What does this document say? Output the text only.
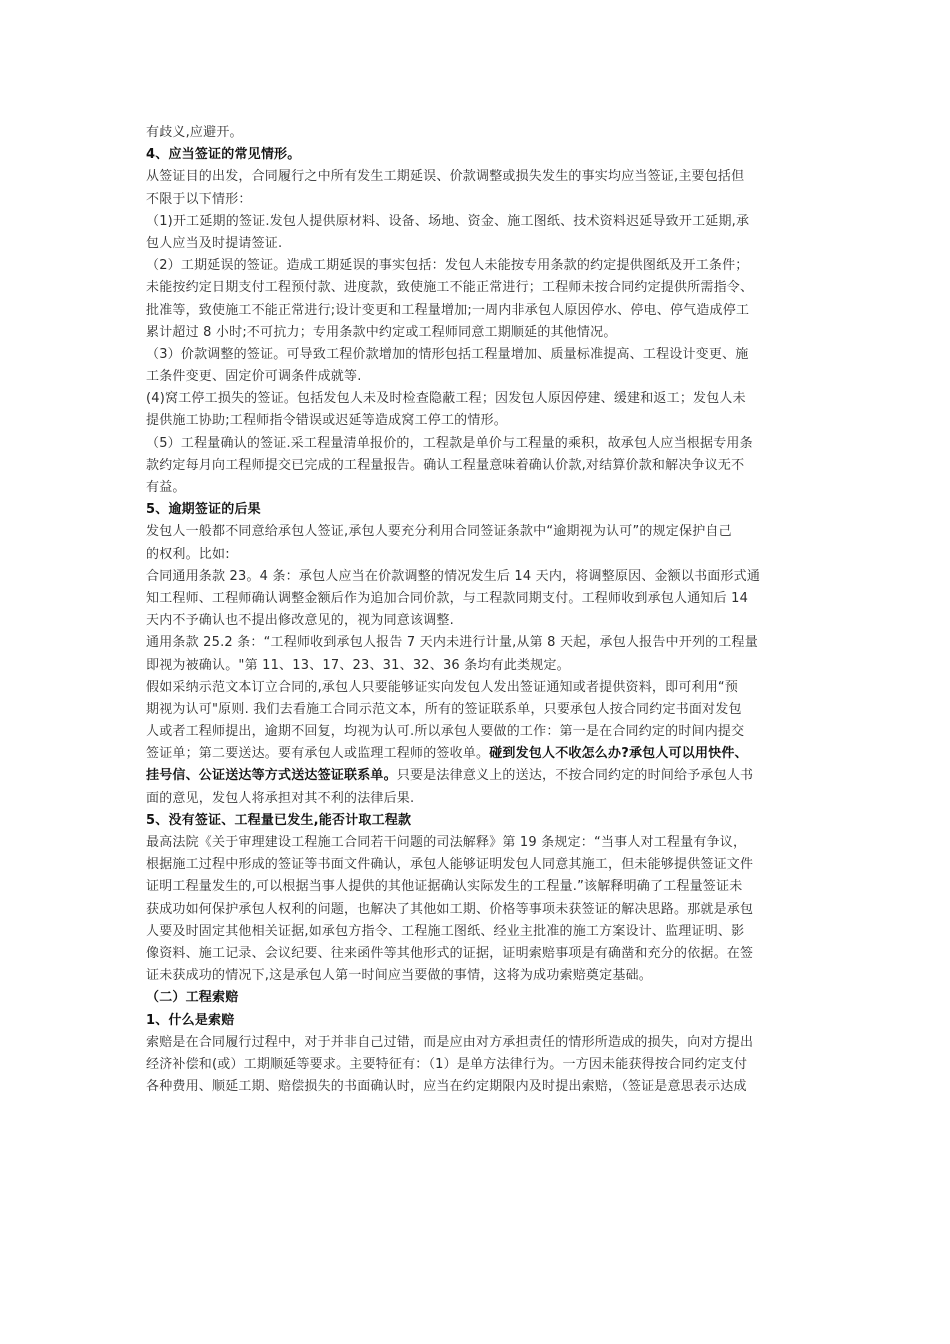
有歧义,应避开。
4、应当签证的常见情形。
从签证目的出发，合同履行之中所有发生工期延误、价款调整或损失发生的事实均应当签证,主要包括但
不限于以下情形：
（1)开工延期的签证.发包人提供原材料、设备、场地、资金、施工图纸、技术资料迟延导致开工延期,承
包人应当及时提请签证.
（2）工期延误的签证。造成工期延误的事实包括：发包人未能按专用条款的约定提供图纸及开工条件；
未能按约定日期支付工程预付款、进度款，致使施工不能正常进行；工程师未按合同约定提供所需指令、
批准等，致使施工不能正常进行;设计变更和工程量增加;一周内非承包人原因停水、停电、停气造成停工
累计超过 8 小时;不可抗力；专用条款中约定或工程师同意工期顺延的其他情况。
（3）价款调整的签证。可导致工程价款增加的情形包括工程量增加、质量标准提高、工程设计变更、施
工条件变更、固定价可调条件成就等.
(4)窝工停工损失的签证。包括发包人未及时检查隐蔽工程；因发包人原因停建、缓建和返工；发包人未
提供施工协助;工程师指令错误或迟延等造成窝工停工的情形。
（5）工程量确认的签证.采工程量清单报价的，工程款是单价与工程量的乘积，故承包人应当根据专用条
款约定每月向工程师提交已完成的工程量报告。确认工程量意味着确认价款,对结算价款和解决争议无不
有益。
5、逾期签证的后果
发包人一般都不同意给承包人签证,承包人要充分利用合同签证条款中“逾期视为认可”的规定保护自己
的权利。比如:
合同通用条款 23。4 条：承包人应当在价款调整的情况发生后 14 天内，将调整原因、金额以书面形式通
知工程师、工程师确认调整金额后作为追加合同价款，与工程款同期支付。工程师收到承包人通知后 14
天内不予确认也不提出修改意见的，视为同意该调整.
通用条款 25.2 条：“工程师收到承包人报告 7 天内未进行计量,从第 8 天起，承包人报告中开列的工程量
即视为被确认。"第 11、13、17、23、31、32、36 条均有此类规定。
假如采纳示范文本订立合同的,承包人只要能够证实向发包人发出签证通知或者提供资料，即可利用“预
期视为认可"原则. 我们去看施工合同示范文本，所有的签证联系单，只要承包人按合同约定书面对发包
人或者工程师提出，逾期不回复，均视为认可.所以承包人要做的工作：第一是在合同约定的时间内提交
签证单；第二要送达。要有承包人或监理工程师的签收单。碰到发包人不收怎么办?承包人可以用快件、
挂号信、公证送达等方式送达签证联系单。只要是法律意义上的送达，不按合同约定的时间给予承包人书
面的意见，发包人将承担对其不利的法律后果.
5、没有签证、工程量已发生,能否计取工程款
最高法院《关于审理建设工程施工合同若干问题的司法解释》第 19 条规定：“当事人对工程量有争议，
根据施工过程中形成的签证等书面文件确认，承包人能够证明发包人同意其施工，但未能够提供签证文件
证明工程量发生的,可以根据当事人提供的其他证据确认实际发生的工程量.”该解释明确了工程量签证未
获成功如何保护承包人权利的问题，也解决了其他如工期、价格等事项未获签证的解决思路。那就是承包
人要及时固定其他相关证据,如承包方指令、工程施工图纸、经业主批准的施工方案设计、监理证明、影
像资料、施工记录、会议纪要、往来函件等其他形式的证据，证明索赔事项是有确凿和充分的依据。在签
证未获成功的情况下,这是承包人第一时间应当要做的事情，这将为成功索赔奠定基础。
（二）工程索赔
1、什么是索赔
索赔是在合同履行过程中，对于并非自己过错，而是应由对方承担责任的情形所造成的损失，向对方提出
经济补偿和(或）工期顺延等要求。主要特征有：（1）是单方法律行为。一方因未能获得按合同约定支付
各种费用、顺延工期、赔偿损失的书面确认时，应当在约定期限内及时提出索赔，（签证是意思表示达成
